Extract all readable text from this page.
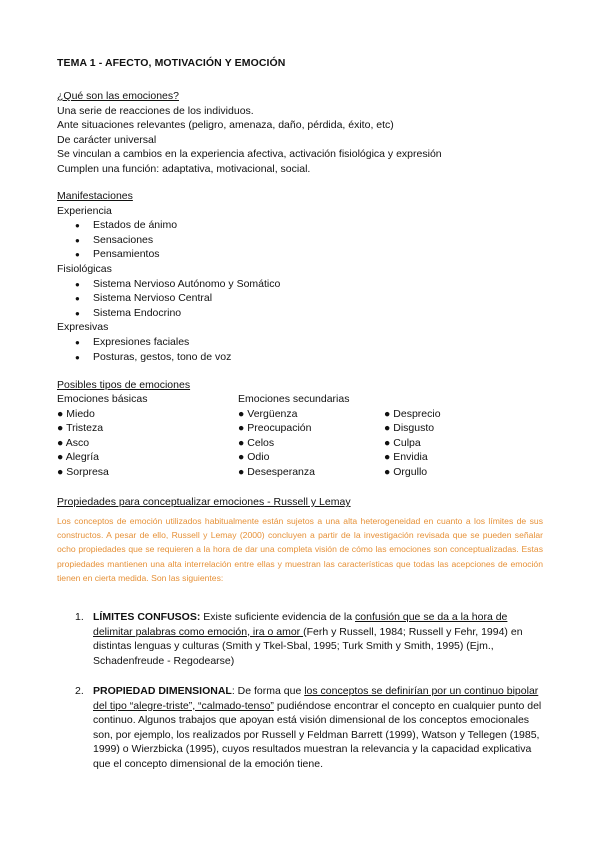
TEMA 1 - AFECTO, MOTIVACIÓN Y EMOCIÓN
¿Qué son las emociones?
Una serie de reacciones de los individuos.
Ante situaciones relevantes (peligro, amenaza, daño, pérdida, éxito, etc)
De carácter universal
Se vinculan a cambios en la experiencia afectiva, activación fisiológica y expresión
Cumplen una función: adaptativa, motivacional, social.
Manifestaciones
Experiencia
● Estados de ánimo
● Sensaciones
● Pensamientos
Fisiológicas
● Sistema Nervioso Autónomo y Somático
● Sistema Nervioso Central
● Sistema Endocrino
Expresivas
● Expresiones faciales
● Posturas, gestos, tono de voz
Posibles tipos de emociones
Emociones básicas
● Miedo
● Tristeza
● Asco
● Alegría
● Sorpresa
Emociones secundarias
● Vergüenza
● Preocupación
● Celos
● Odio
● Desesperanza
● Desprecio
● Disgusto
● Culpa
● Envidia
● Orgullo
Propiedades para conceptualizar emociones - Russell y Lemay
Los conceptos de emoción utilizados habitualmente están sujetos a una alta heterogeneidad en cuanto a los límites de sus constructos. A pesar de ello, Russell y Lemay (2000) concluyen a partir de la investigación revisada que se pueden señalar ocho propiedades que se requieren a la hora de dar una completa visión de cómo las emociones son conceptualizadas. Estas propiedades mantienen una alta interrelación entre ellas y muestran las características que todas las acepciones de emoción tienen en cierta medida. Son las siguientes:
1. LÍMITES CONFUSOS: Existe suficiente evidencia de la confusión que se da a la hora de delimitar palabras como emoción, ira o amor (Ferh y Russell, 1984; Russell y Fehr, 1994) en distintas lenguas y culturas (Smith y Tkel-Sbal, 1995; Turk Smith y Smith, 1995) (Ejm., Schadenfreude - Regodearse)
2. PROPIEDAD DIMENSIONAL: De forma que los conceptos se definirían por un continuo bipolar del tipo “alegre-triste”, “calmado-tenso” pudiéndose encontrar el concepto en cualquier punto del continuo. Algunos trabajos que apoyan está visión dimensional de los conceptos emocionales son, por ejemplo, los realizados por Russell y Feldman Barrett (1999), Watson y Tellegen (1985, 1999) o Wierzbicka (1995), cuyos resultados muestran la relevancia y la capacidad explicativa que el concepto dimensional de la emoción tiene.
